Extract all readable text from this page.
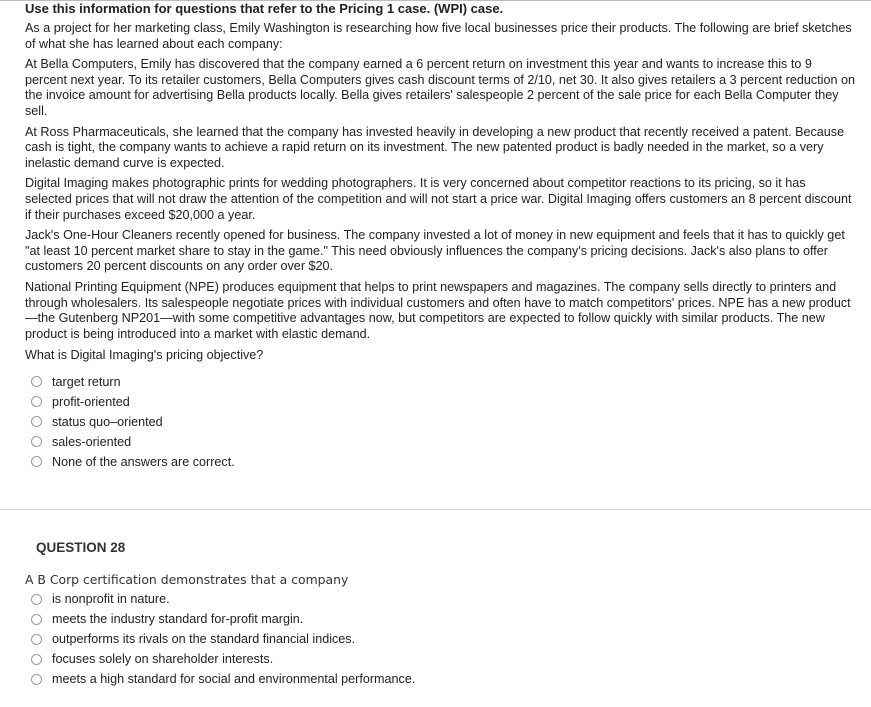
Use this information for questions that refer to the Pricing 1 case. (WPI) case.

As a project for her marketing class, Emily Washington is researching how five local businesses price their products. The following are brief sketches of what she has learned about each company:

At Bella Computers, Emily has discovered that the company earned a 6 percent return on investment this year and wants to increase this to 9 percent next year. To its retailer customers, Bella Computers gives cash discount terms of 2/10, net 30. It also gives retailers a 3 percent reduction on the invoice amount for advertising Bella products locally. Bella gives retailers' salespeople 2 percent of the sale price for each Bella Computer they sell.

At Ross Pharmaceuticals, she learned that the company has invested heavily in developing a new product that recently received a patent. Because cash is tight, the company wants to achieve a rapid return on its investment. The new patented product is badly needed in the market, so a very inelastic demand curve is expected.

Digital Imaging makes photographic prints for wedding photographers. It is very concerned about competitor reactions to its pricing, so it has selected prices that will not draw the attention of the competition and will not start a price war. Digital Imaging offers customers an 8 percent discount if their purchases exceed $20,000 a year.

Jack's One-Hour Cleaners recently opened for business. The company invested a lot of money in new equipment and feels that it has to quickly get "at least 10 percent market share to stay in the game." This need obviously influences the company's pricing decisions. Jack's also plans to offer customers 20 percent discounts on any order over $20.

National Printing Equipment (NPE) produces equipment that helps to print newspapers and magazines. The company sells directly to printers and through wholesalers. Its salespeople negotiate prices with individual customers and often have to match competitors' prices. NPE has a new product—the Gutenberg NP201—with some competitive advantages now, but competitors are expected to follow quickly with similar products. The new product is being introduced into a market with elastic demand.

What is Digital Imaging's pricing objective?

target return
profit-oriented
status quo–oriented
sales-oriented
None of the answers are correct.

QUESTION 28

A B Corp certification demonstrates that a company

is nonprofit in nature.
meets the industry standard for-profit margin.
outperforms its rivals on the standard financial indices.
focuses solely on shareholder interests.
meets a high standard for social and environmental performance.
